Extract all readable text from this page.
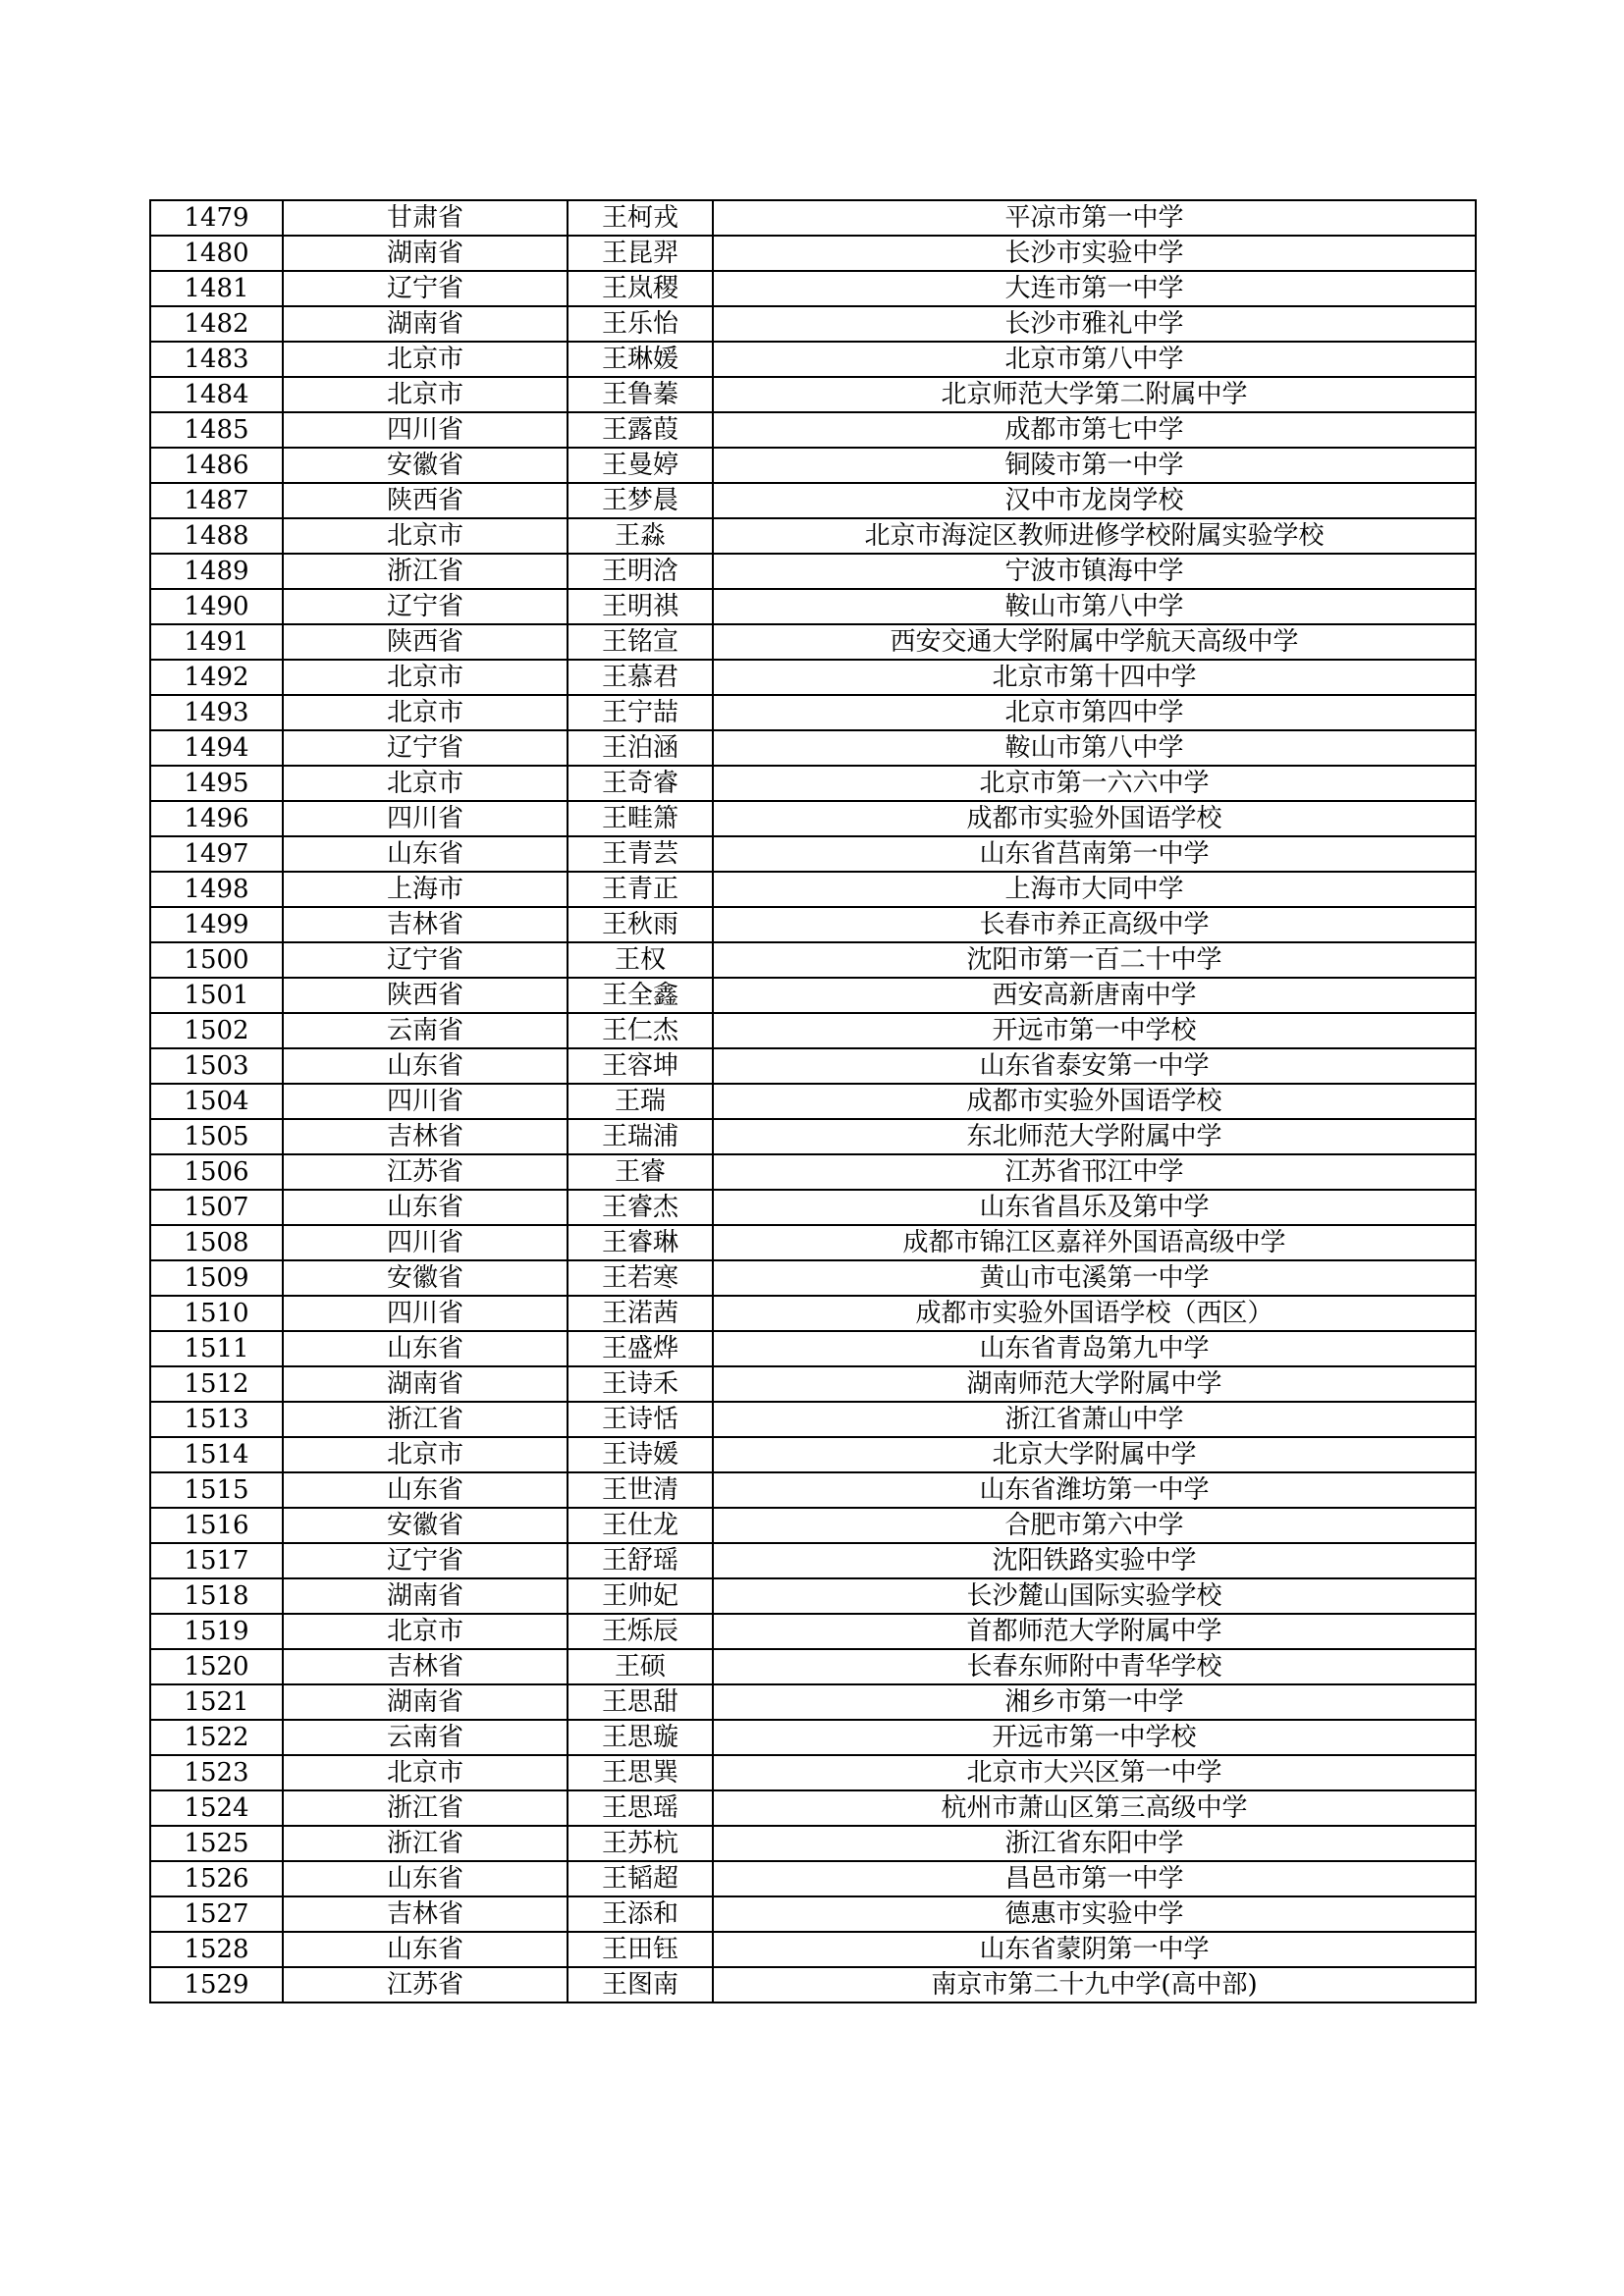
1479	甘肃省	王柯戎	平凉市第一中学
1480	湖南省	王昆羿	长沙市实验中学
1481	辽宁省	王岚稷	大连市第一中学
1482	湖南省	王乐怡	长沙市雅礼中学
1483	北京市	王琳媛	北京市第八中学
1484	北京市	王鲁蓁	北京师范大学第二附属中学
1485	四川省	王露葭	成都市第七中学
1486	安徽省	王曼婷	铜陵市第一中学
1487	陕西省	王梦晨	汉中市龙岗学校
1488	北京市	王淼	北京市海淀区教师进修学校附属实验学校
1489	浙江省	王明浛	宁波市镇海中学
1490	辽宁省	王明祺	鞍山市第八中学
1491	陕西省	王铭宣	西安交通大学附属中学航天高级中学
1492	北京市	王慕君	北京市第十四中学
1493	北京市	王宁喆	北京市第四中学
1494	辽宁省	王泊涵	鞍山市第八中学
1495	北京市	王奇睿	北京市第一六六中学
1496	四川省	王畦箫	成都市实验外国语学校
1497	山东省	王青芸	山东省莒南第一中学
1498	上海市	王青正	上海市大同中学
1499	吉林省	王秋雨	长春市养正高级中学
1500	辽宁省	王权	沈阳市第一百二十中学
1501	陕西省	王全鑫	西安高新唐南中学
1502	云南省	王仁杰	开远市第一中学校
1503	山东省	王容坤	山东省泰安第一中学
1504	四川省	王瑞	成都市实验外国语学校
1505	吉林省	王瑞浦	东北师范大学附属中学
1506	江苏省	王睿	江苏省邗江中学
1507	山东省	王睿杰	山东省昌乐及第中学
1508	四川省	王睿琳	成都市锦江区嘉祥外国语高级中学
1509	安徽省	王若寒	黄山市屯溪第一中学
1510	四川省	王渃茜	成都市实验外国语学校（西区）
1511	山东省	王盛烨	山东省青岛第九中学
1512	湖南省	王诗禾	湖南师范大学附属中学
1513	浙江省	王诗恬	浙江省萧山中学
1514	北京市	王诗媛	北京大学附属中学
1515	山东省	王世清	山东省潍坊第一中学
1516	安徽省	王仕龙	合肥市第六中学
1517	辽宁省	王舒瑶	沈阳铁路实验中学
1518	湖南省	王帅妃	长沙麓山国际实验学校
1519	北京市	王烁辰	首都师范大学附属中学
1520	吉林省	王硕	长春东师附中青华学校
1521	湖南省	王思甜	湘乡市第一中学
1522	云南省	王思璇	开远市第一中学校
1523	北京市	王思巽	北京市大兴区第一中学
1524	浙江省	王思瑶	杭州市萧山区第三高级中学
1525	浙江省	王苏杭	浙江省东阳中学
1526	山东省	王韬超	昌邑市第一中学
1527	吉林省	王添和	德惠市实验中学
1528	山东省	王田钰	山东省蒙阴第一中学
1529	江苏省	王图南	南京市第二十九中学(高中部)
